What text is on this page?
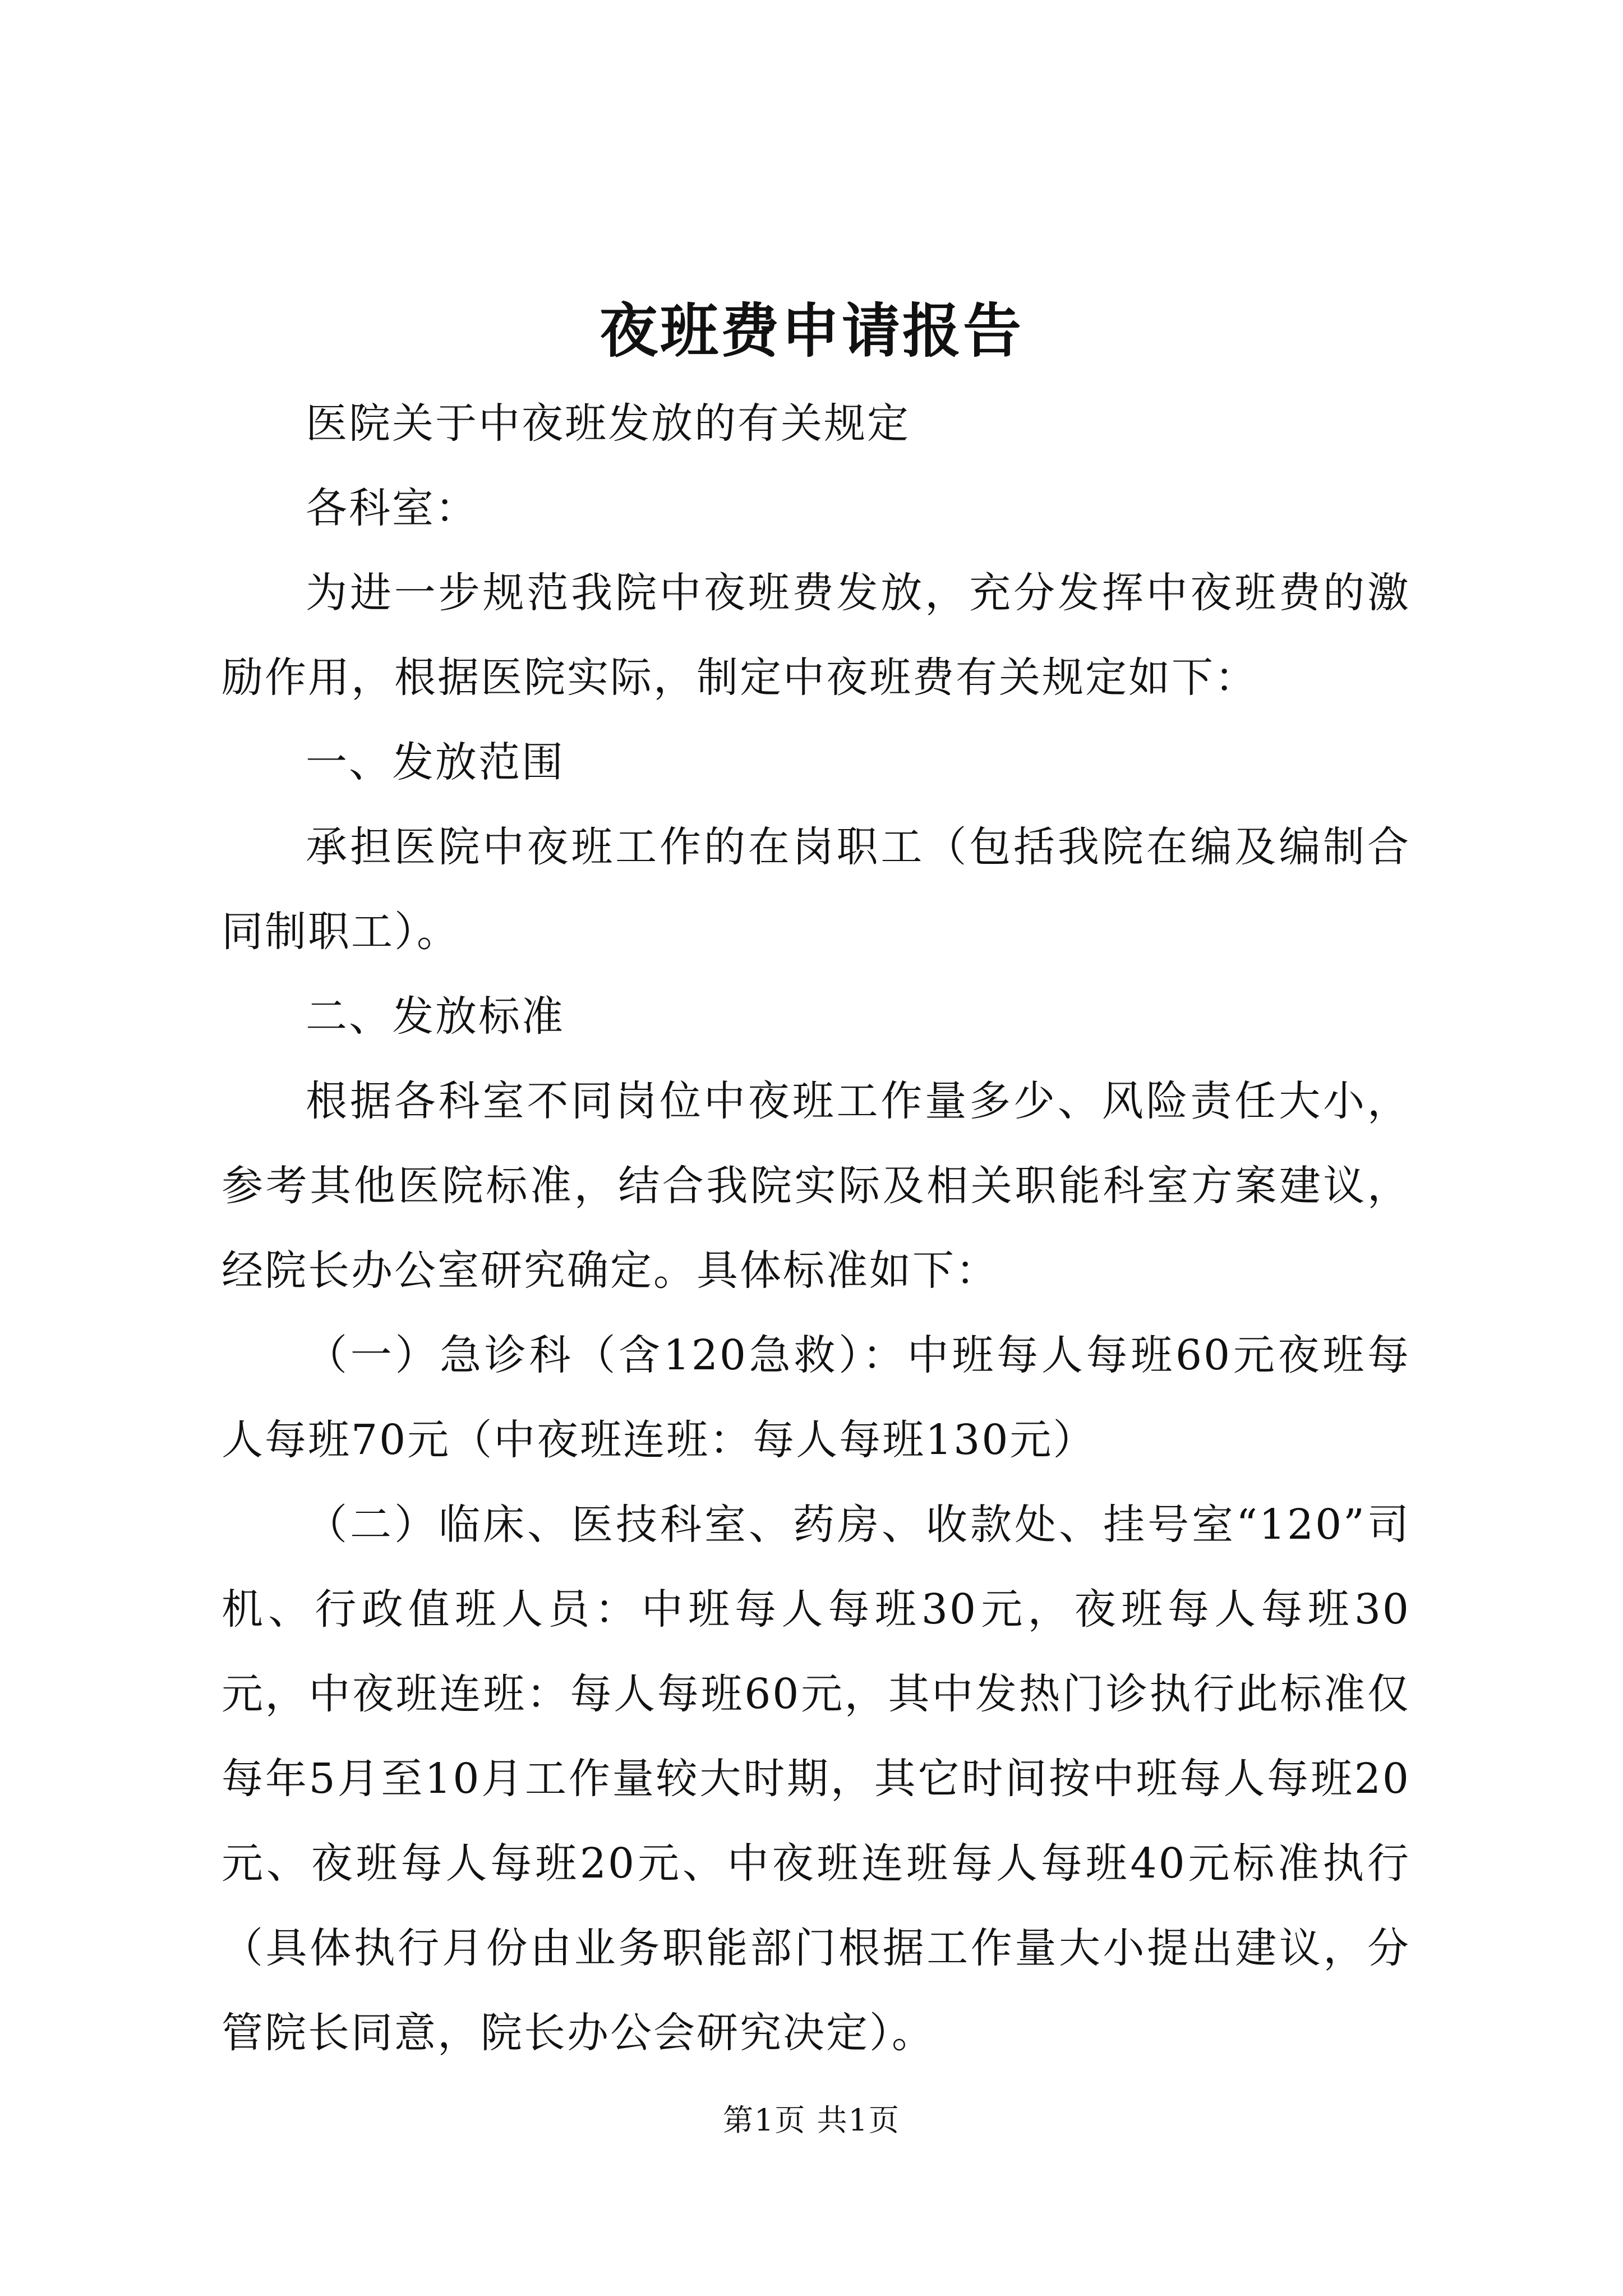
夜班费申请报告

医院关于中夜班发放的有关规定

各科室：

为进一步规范我院中夜班费发放，充分发挥中夜班费的激励作用，根据医院实际，制定中夜班费有关规定如下：

一、发放范围

承担医院中夜班工作的在岗职工（包括我院在编及编制合同制职工）。

二、发放标准

根据各科室不同岗位中夜班工作量多少、风险责任大小，参考其他医院标准，结合我院实际及相关职能科室方案建议，经院长办公室研究确定。具体标准如下：

（一）急诊科（含120急救）：中班每人每班60元夜班每人每班70元（中夜班连班：每人每班130元）

（二）临床、医技科室、药房、收款处、挂号室“120”司机、行政值班人员：中班每人每班30元，夜班每人每班30元，中夜班连班：每人每班60元，其中发热门诊执行此标准仅每年5月至10月工作量较大时期，其它时间按中班每人每班20元、夜班每人每班20元、中夜班连班每人每班40元标准执行（具体执行月份由业务职能部门根据工作量大小提出建议，分管院长同意，院长办公会研究决定）。

第1页 共1页
